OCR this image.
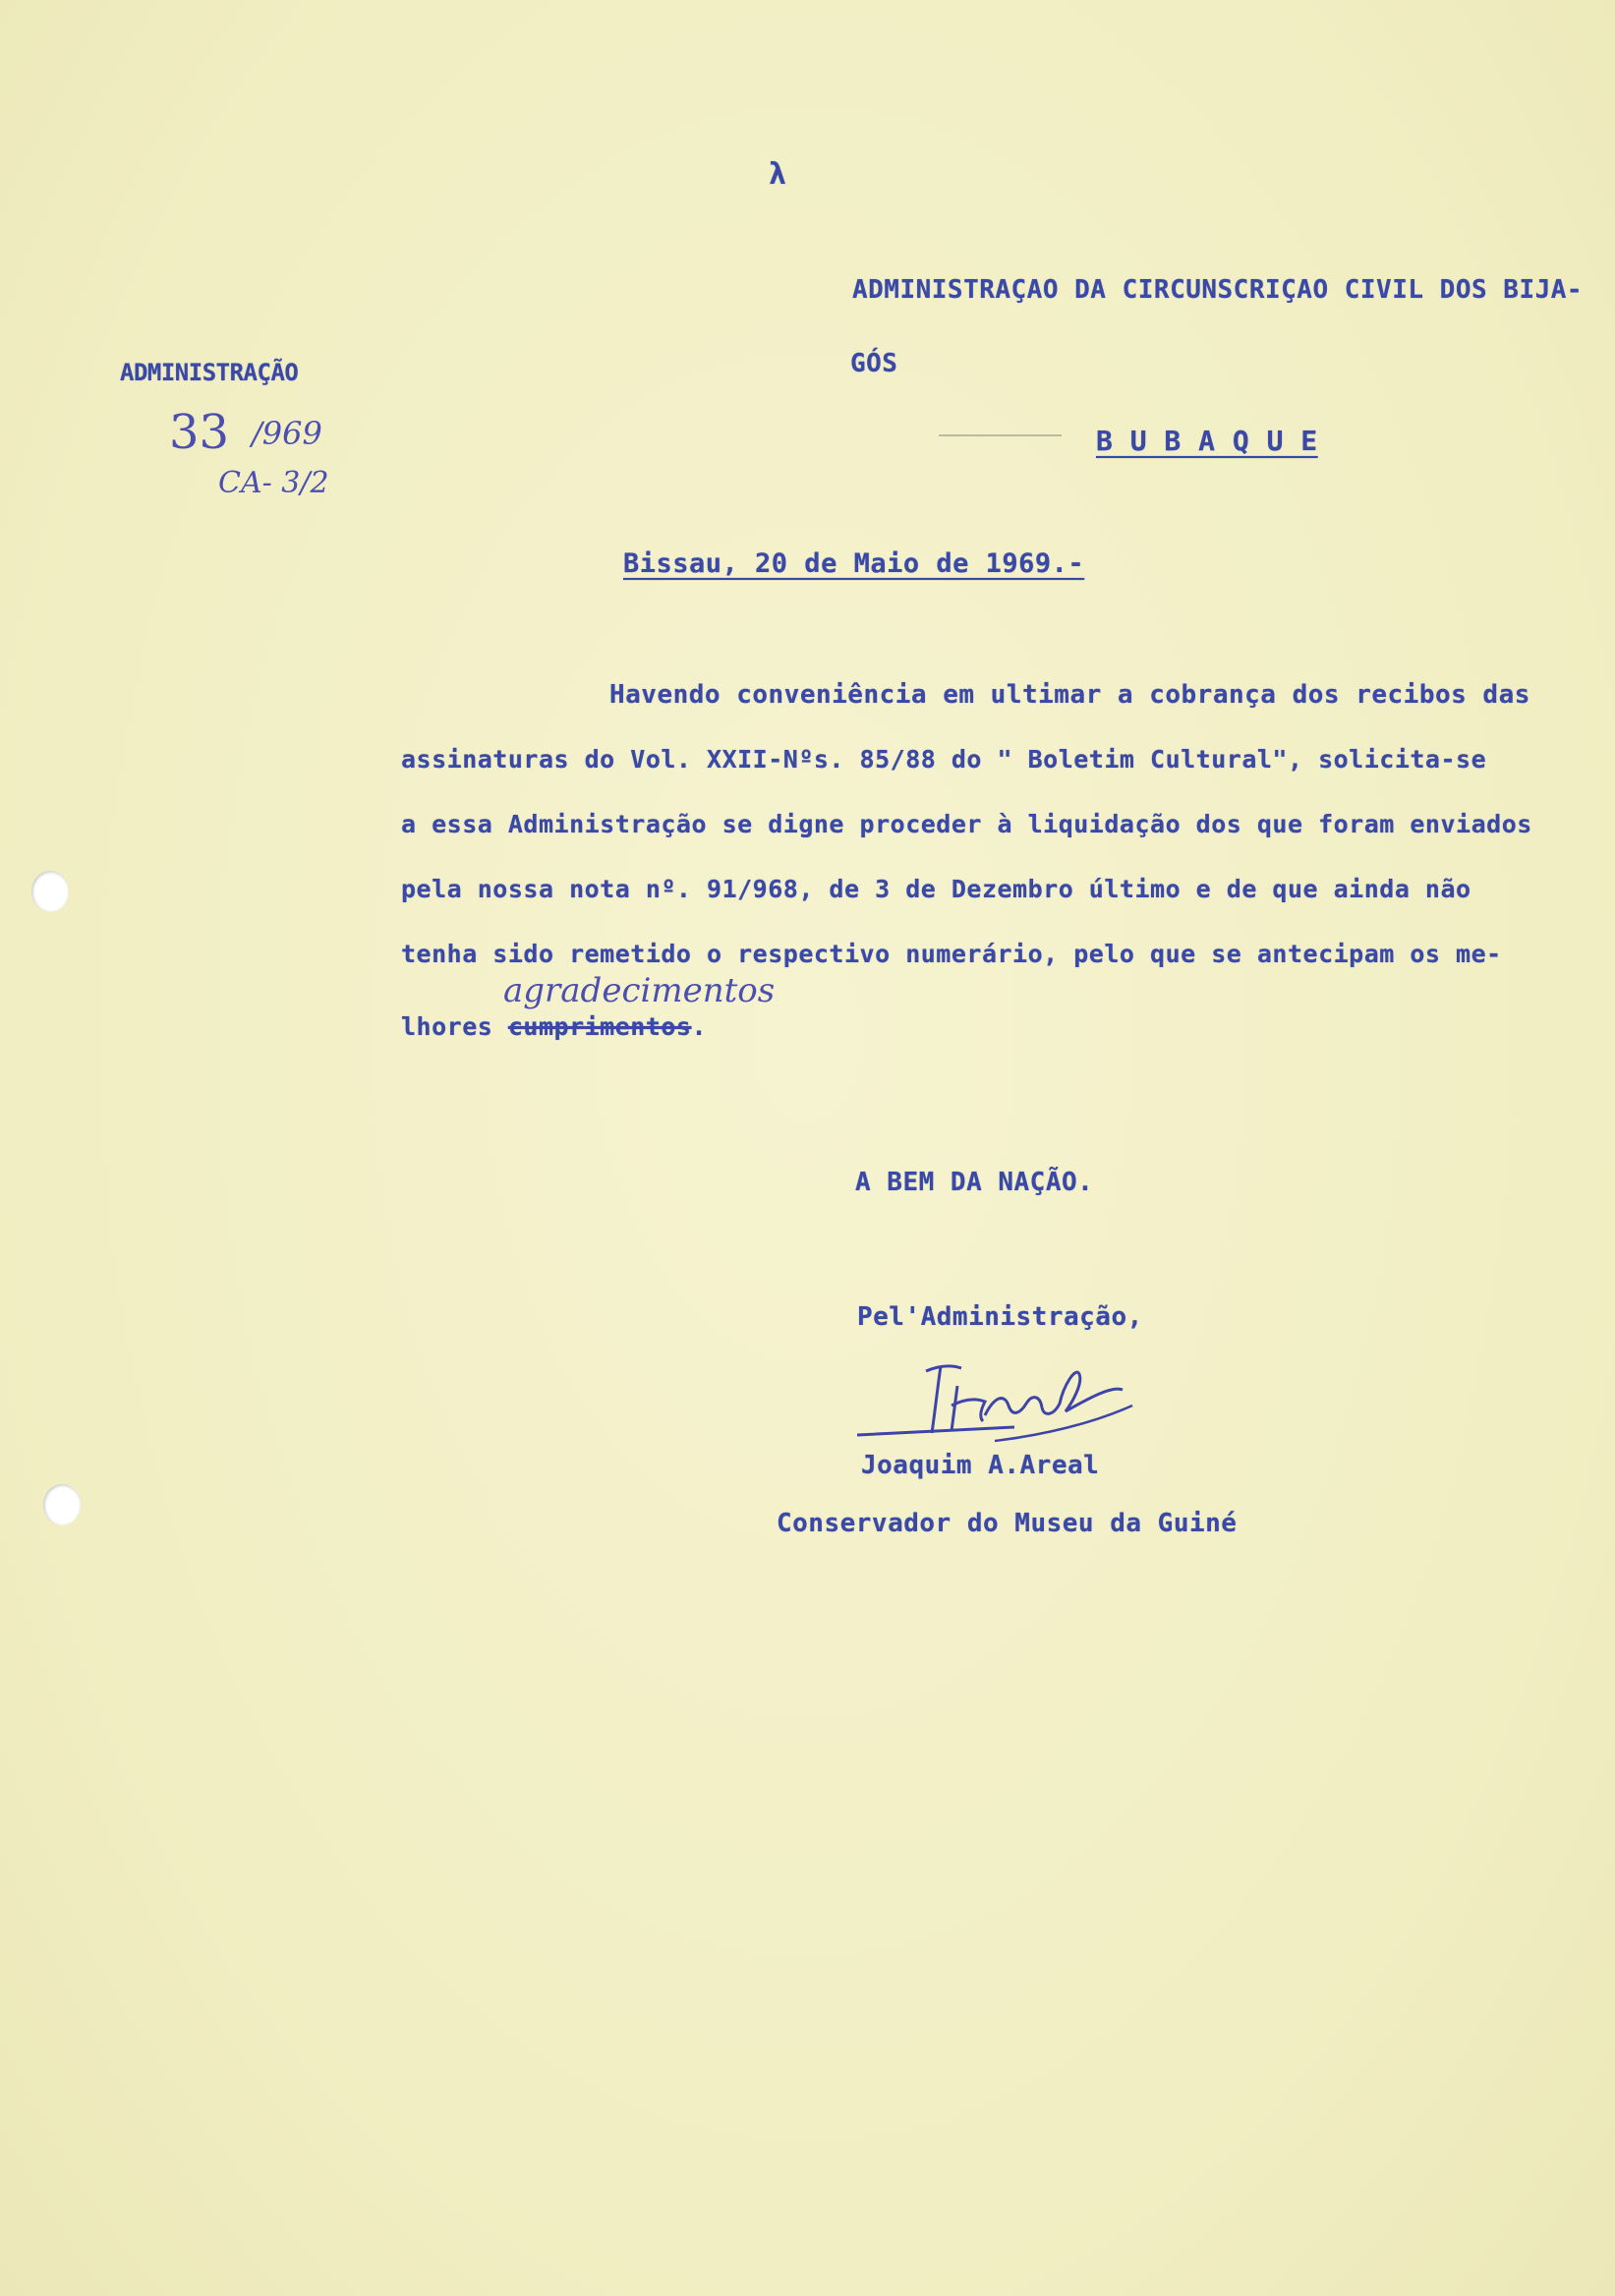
λ
ADMINISTRAÇAO DA CIRCUNSCRIÇAO CIVIL DOS BIJA-
GÓS
B U B A Q U E
ADMINISTRAÇÃO
33 /969
CA- 3/2
Bissau, 20 de Maio de 1969.-
Havendo conveniência em ultimar a cobrança dos recibos das
assinaturas do Vol. XXII-Nºs. 85/88 do " Boletim Cultural", solicita-se
a essa Administração se digne proceder à liquidação dos que foram enviados
pela nossa nota nº. 91/968, de 3 de Dezembro último e de que ainda não
tenha sido remetido o respectivo numerário, pelo que se antecipam os me-
agradecimentos
lhores cumprimentos.
A BEM DA NAÇÃO.
Pel'Administração,
Joaquim A.Areal
Conservador do Museu da Guiné
